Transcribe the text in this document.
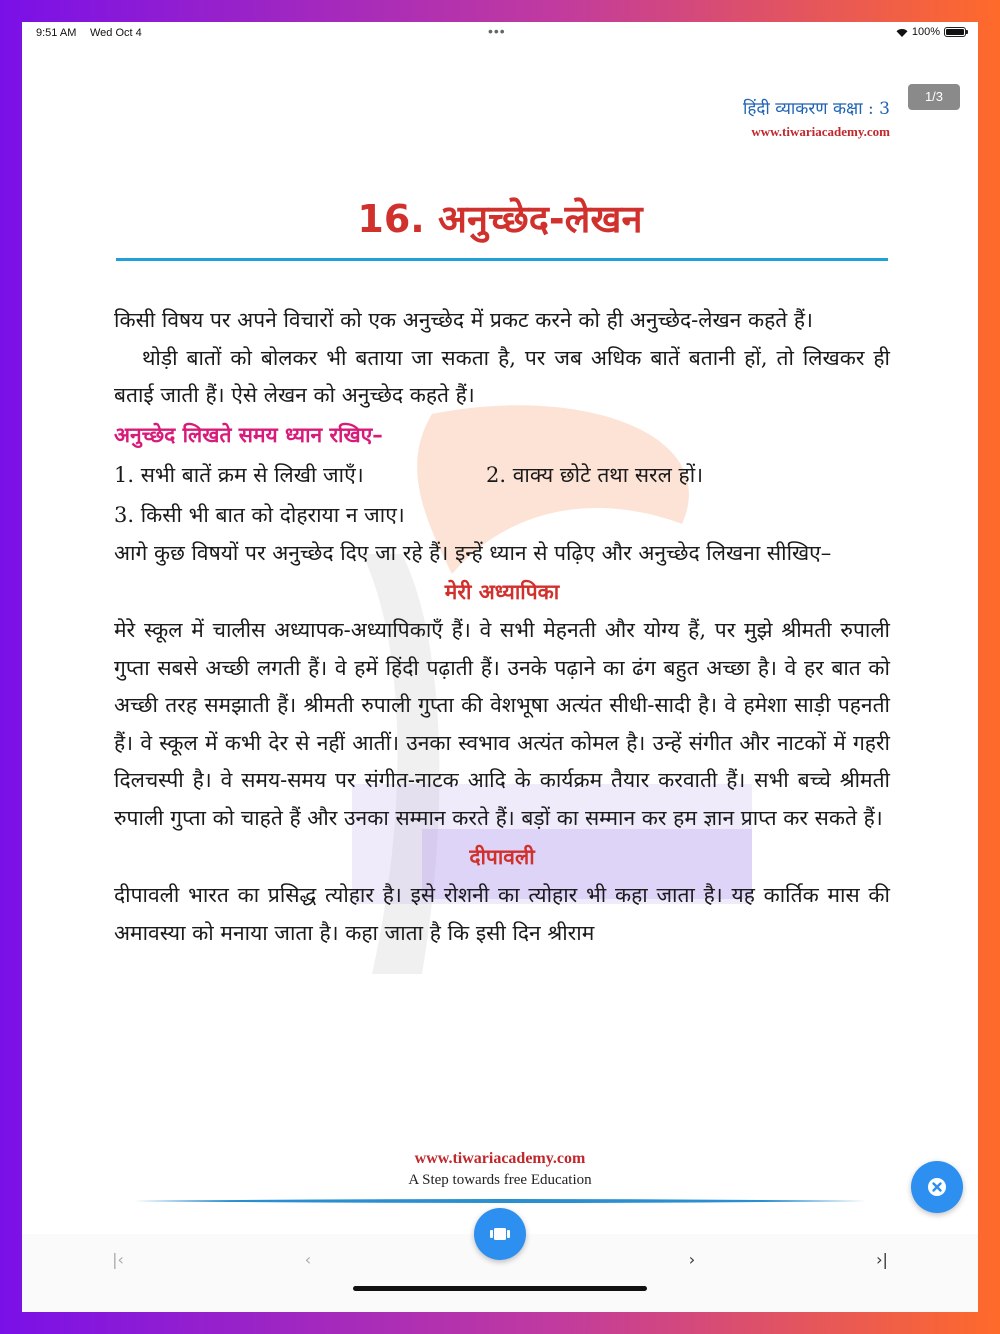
9:51 AM Wed Oct 4	•••	100%
हिंदी व्याकरण कक्षा : 3
www.tiwariacademy.com
1/3
16. अनुच्छेद-लेखन

किसी विषय पर अपने विचारों को एक अनुच्छेद में प्रकट करने को ही अनुच्छेद-लेखन कहते हैं।

थोड़ी बातों को बोलकर भी बताया जा सकता है, पर जब अधिक बातें बतानी हों, तो लिखकर ही बताई जाती हैं। ऐसे लेखन को अनुच्छेद कहते हैं।

अनुच्छेद लिखते समय ध्यान रखिए–
1. सभी बातें क्रम से लिखी जाएँ।	2. वाक्य छोटे तथा सरल हों।
3. किसी भी बात को दोहराया न जाए।

आगे कुछ विषयों पर अनुच्छेद दिए जा रहे हैं। इन्हें ध्यान से पढ़िए और अनुच्छेद लिखना सीखिए–

मेरी अध्यापिका

मेरे स्कूल में चालीस अध्यापक-अध्यापिकाएँ हैं। वे सभी मेहनती और योग्य हैं, पर मुझे श्रीमती रुपाली गुप्ता सबसे अच्छी लगती हैं। वे हमें हिंदी पढ़ाती हैं। उनके पढ़ाने का ढंग बहुत अच्छा है। वे हर बात को अच्छी तरह समझाती हैं। श्रीमती रुपाली गुप्ता की वेशभूषा अत्यंत सीधी-सादी है। वे हमेशा साड़ी पहनती हैं। वे स्कूल में कभी देर से नहीं आतीं। उनका स्वभाव अत्यंत कोमल है। उन्हें संगीत और नाटकों में गहरी दिलचस्पी है। वे समय-समय पर संगीत-नाटक आदि के कार्यक्रम तैयार करवाती हैं। सभी बच्चे श्रीमती रुपाली गुप्ता को चाहते हैं और उनका सम्मान करते हैं। बड़ों का सम्मान कर हम ज्ञान प्राप्त कर सकते हैं।

दीपावली

दीपावली भारत का प्रसिद्ध त्योहार है। इसे रोशनी का त्योहार भी कहा जाता है। यह कार्तिक मास की अमावस्या को मनाया जाता है। कहा जाता है कि इसी दिन श्रीराम

www.tiwariacademy.com
A Step towards free Education
|‹	‹	›	›|
